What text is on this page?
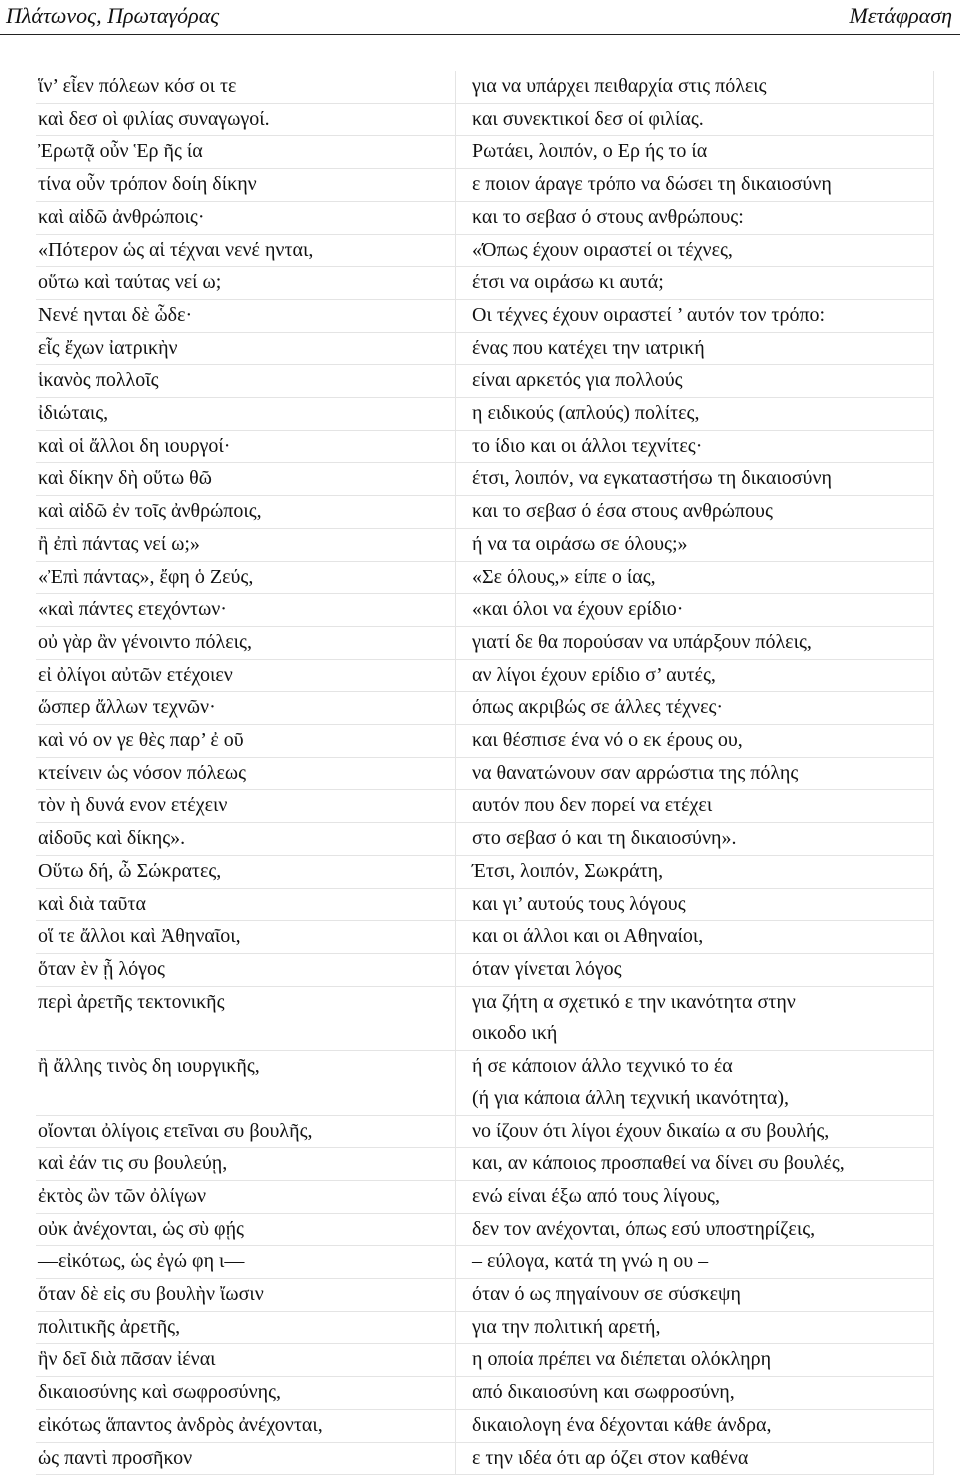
Πλάτωνος, Πρωταγόρας	Μετάφραση
ἵν’ εἶεν πόλεων κόσ οι τε	για να υπάρχει πειθαρχία στις πόλεις
καὶ δεσ οὶ φιλίας συναγωγοί.	και συνεκτικοί δεσ οί φιλίας.
Ἐρωτᾷ οὖν Ἑρ ῆς ία	Ρωτάει, λοιπόν, ο Ερ ής το ία
τίνα οὖν τρόπον δοίη δίκην	ε ποιον άραγε τρόπο να δώσει τη δικαιοσύνη
καὶ αἰδῶ ἀνθρώποις·	και το σεβασ ό στους ανθρώπους:
«Πότερον ὡς αἱ τέχναι νενέ ηνται,	«Όπως έχουν οιραστεί οι τέχνες,
οὕτω καὶ ταύτας νεί ω;	έτσι να οιράσω κι αυτά;
Νενέ ηνται δὲ ὧδε·	Οι τέχνες έχουν οιραστεί ’ αυτόν τον τρόπο:
εἷς ἔχων ἰατρικὴν	ένας που κατέχει την ιατρική
ἱκανὸς πολλοῖς	είναι αρκετός για πολλούς
ἰδιώταις,	η ειδικούς (απλούς) πολίτες,
καὶ οἱ ἄλλοι δη ιουργοί·	το ίδιο και οι άλλοι τεχνίτες·
καὶ δίκην δὴ οὕτω θῶ	έτσι, λοιπόν, να εγκαταστήσω τη δικαιοσύνη
καὶ αἰδῶ ἐν τοῖς ἀνθρώποις,	και το σεβασ ό έσα στους ανθρώπους
ἢ ἐπὶ πάντας νεί ω;»	ή να τα οιράσω σε όλους;»
«Ἐπὶ πάντας», ἔφη ὁ Ζεύς,	«Σε όλους,» είπε ο ίας,
«καὶ πάντες ετεχόντων·	«και όλοι να έχουν ερίδιο·
οὐ γὰρ ἂν γένοιντο πόλεις,	γιατί δε θα πορούσαν να υπάρξουν πόλεις,
εἰ ὀλίγοι αὐτῶν ετέχοιεν	αν λίγοι έχουν ερίδιο σ’ αυτές,
ὥσπερ ἄλλων τεχνῶν·	όπως ακριβώς σε άλλες τέχνες·
καὶ νό ον γε θὲς παρ’ ἐ οῦ	και θέσπισε ένα νό ο εκ έρους ου,
κτείνειν ὡς νόσον πόλεως	να θανατώνουν σαν αρρώστια της πόλης
τὸν ὴ δυνά ενον ετέχειν	αυτόν που δεν πορεί να ετέχει
αἰδοῦς καὶ δίκης».	στο σεβασ ό και τη δικαιοσύνη».
Οὕτω δή, ὦ Σώκρατες,	Έτσι, λοιπόν, Σωκράτη,
καὶ διὰ ταῦτα	και γι’ αυτούς τους λόγους
οἵ τε ἄλλοι καὶ Ἀθηναῖοι,	και οι άλλοι και οι Αθηναίοι,
ὅταν ὲν ᾖ λόγος	όταν γίνεται λόγος
περὶ ἀρετῆς τεκτονικῆς	για ζήτη α σχετικό ε την ικανότητα στην
οικοδο ική
ἢ ἄλλης τινὸς δη ιουργικῆς,	ή σε κάποιον άλλο τεχνικό το έα
(ή για κάποια άλλη τεχνική ικανότητα),
οἴονται ὀλίγοις ετεῖναι συ βουλῆς,	νο ίζουν ότι λίγοι έχουν δικαίω α συ βουλής,
καὶ ἐάν τις συ βουλεύῃ,	και, αν κάποιος προσπαθεί να δίνει συ βουλές,
ἐκτὸς ὢν τῶν ὀλίγων	ενώ είναι έξω από τους λίγους,
οὐκ ἀνέχονται, ὡς σὺ φῄς	δεν τον ανέχονται, όπως εσύ υποστηρίζεις,
—εἰκότως, ὡς ἐγώ φη ι—	– εύλογα, κατά τη γνώ η ου –
ὅταν δὲ εἰς συ βουλὴν ἴωσιν	όταν ό ως πηγαίνουν σε σύσκεψη
πολιτικῆς ἀρετῆς,	για την πολιτική αρετή,
ἣν δεῖ διὰ πᾶσαν ἰέναι	η οποία πρέπει να διέπεται ολόκληρη
δικαιοσύνης καὶ σωφροσύνης,	από δικαιοσύνη και σωφροσύνη,
εἰκότως ἅπαντος ἀνδρὸς ἀνέχονται,	δικαιολογη ένα δέχονται κάθε άνδρα,
ὡς παντὶ προσῆκον	ε την ιδέα ότι αρ όζει στον καθένα
